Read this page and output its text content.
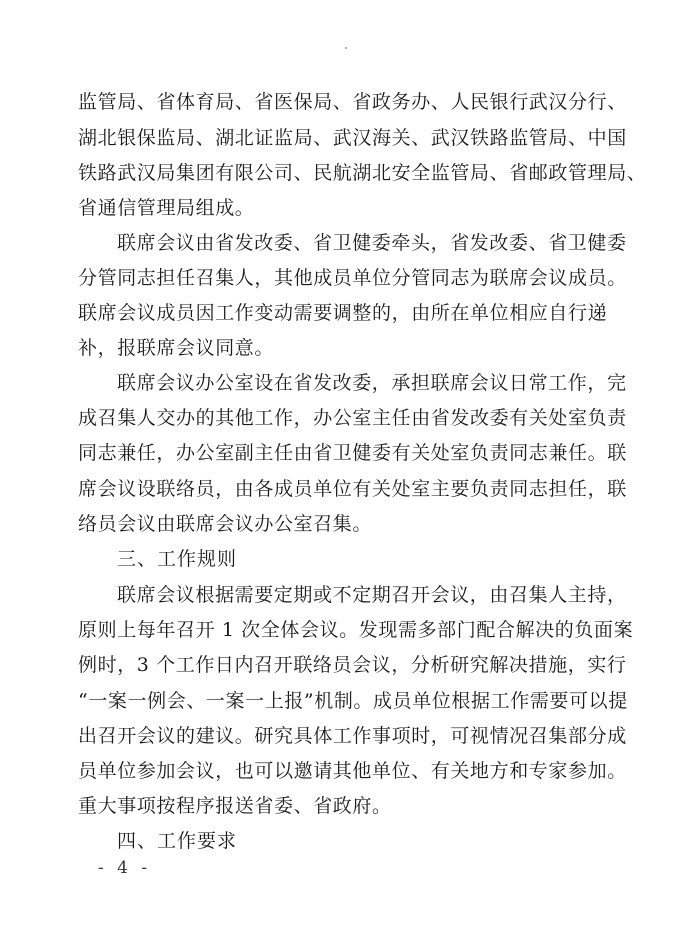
监管局、省体育局、省医保局、省政务办、人民银行武汉分行、
湖北银保监局、湖北证监局、武汉海关、武汉铁路监管局、中国
铁路武汉局集团有限公司、民航湖北安全监管局、省邮政管理局、
省通信管理局组成。
联席会议由省发改委、省卫健委牵头，省发改委、省卫健委
分管同志担任召集人，其他成员单位分管同志为联席会议成员。
联席会议成员因工作变动需要调整的，由所在单位相应自行递
补，报联席会议同意。
联席会议办公室设在省发改委，承担联席会议日常工作，完
成召集人交办的其他工作，办公室主任由省发改委有关处室负责
同志兼任，办公室副主任由省卫健委有关处室负责同志兼任。联
席会议设联络员，由各成员单位有关处室主要负责同志担任，联
络员会议由联席会议办公室召集。
三、工作规则
联席会议根据需要定期或不定期召开会议，由召集人主持，
原则上每年召开 1 次全体会议。发现需多部门配合解决的负面案
例时，3 个工作日内召开联络员会议，分析研究解决措施，实行
“一案一例会、一案一上报”机制。成员单位根据工作需要可以提
出召开会议的建议。研究具体工作事项时，可视情况召集部分成
员单位参加会议，也可以邀请其他单位、有关地方和专家参加。
重大事项按程序报送省委、省政府。
四、工作要求
- 4 -
